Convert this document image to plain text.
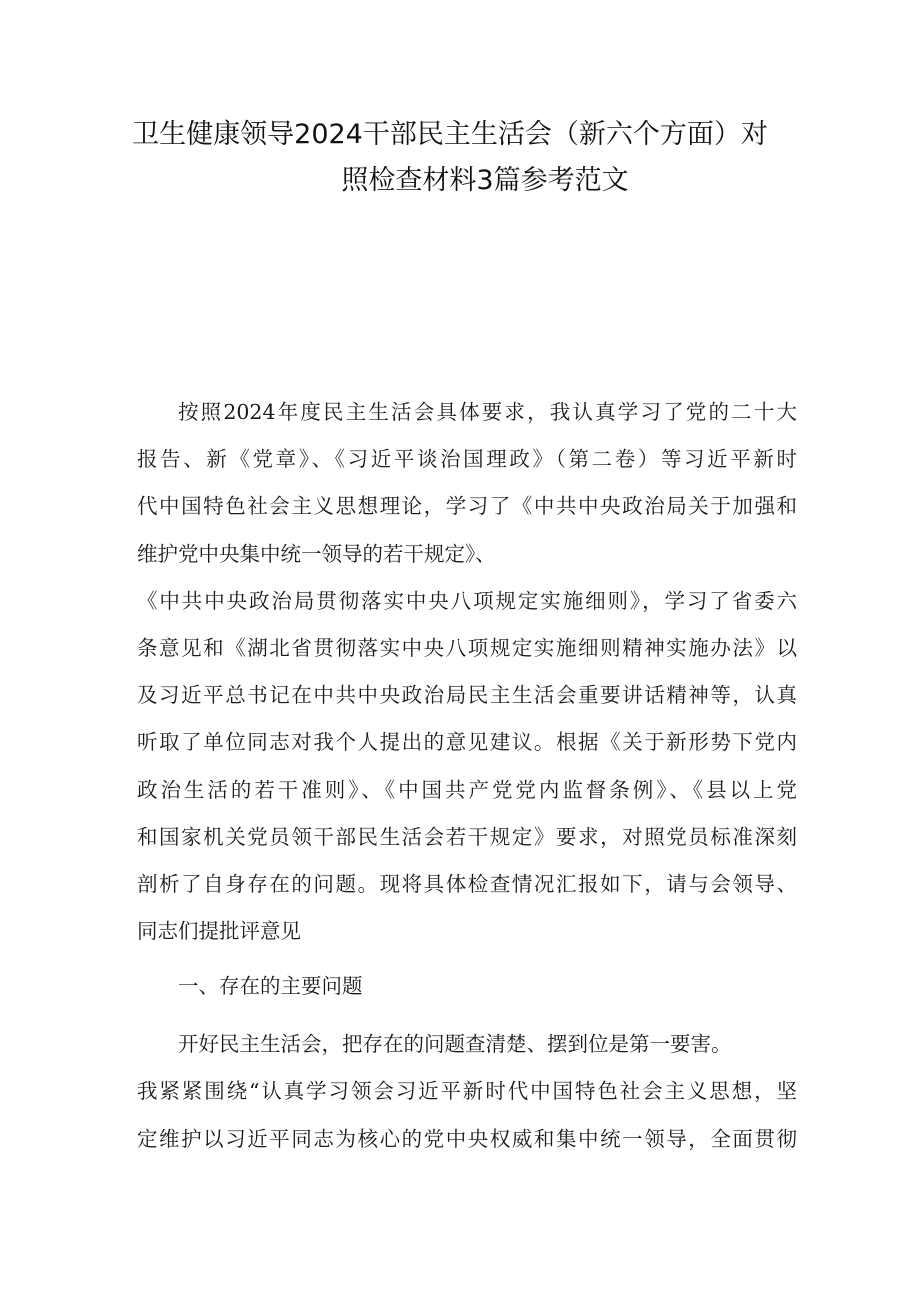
卫生健康领导2024干部民主生活会（新六个方面）对
照检查材料3篇参考范文
按照2024年度民主生活会具体要求，我认真学习了党的二十大
报告、新《党章》、《习近平谈治国理政》（第二卷）等习近平新时
代中国特色社会主义思想理论，学习了《中共中央政治局关于加强和
维护党中央集中统一领导的若干规定》、
《中共中央政治局贯彻落实中央八项规定实施细则》，学习了省委六
条意见和《湖北省贯彻落实中央八项规定实施细则精神实施办法》以
及习近平总书记在中共中央政治局民主生活会重要讲话精神等，认真
听取了单位同志对我个人提出的意见建议。根据《关于新形势下党内
政治生活的若干准则》、《中国共产党党内监督条例》、《县以上党
和国家机关党员领干部民生活会若干规定》要求，对照党员标准深刻
剖析了自身存在的问题。现将具体检查情况汇报如下，请与会领导、
同志们提批评意见
一、存在的主要问题
开好民主生活会，把存在的问题查清楚、摆到位是第一要害。
我紧紧围绕“认真学习领会习近平新时代中国特色社会主义思想，坚
定维护以习近平同志为核心的党中央权威和集中统一领导，全面贯彻
